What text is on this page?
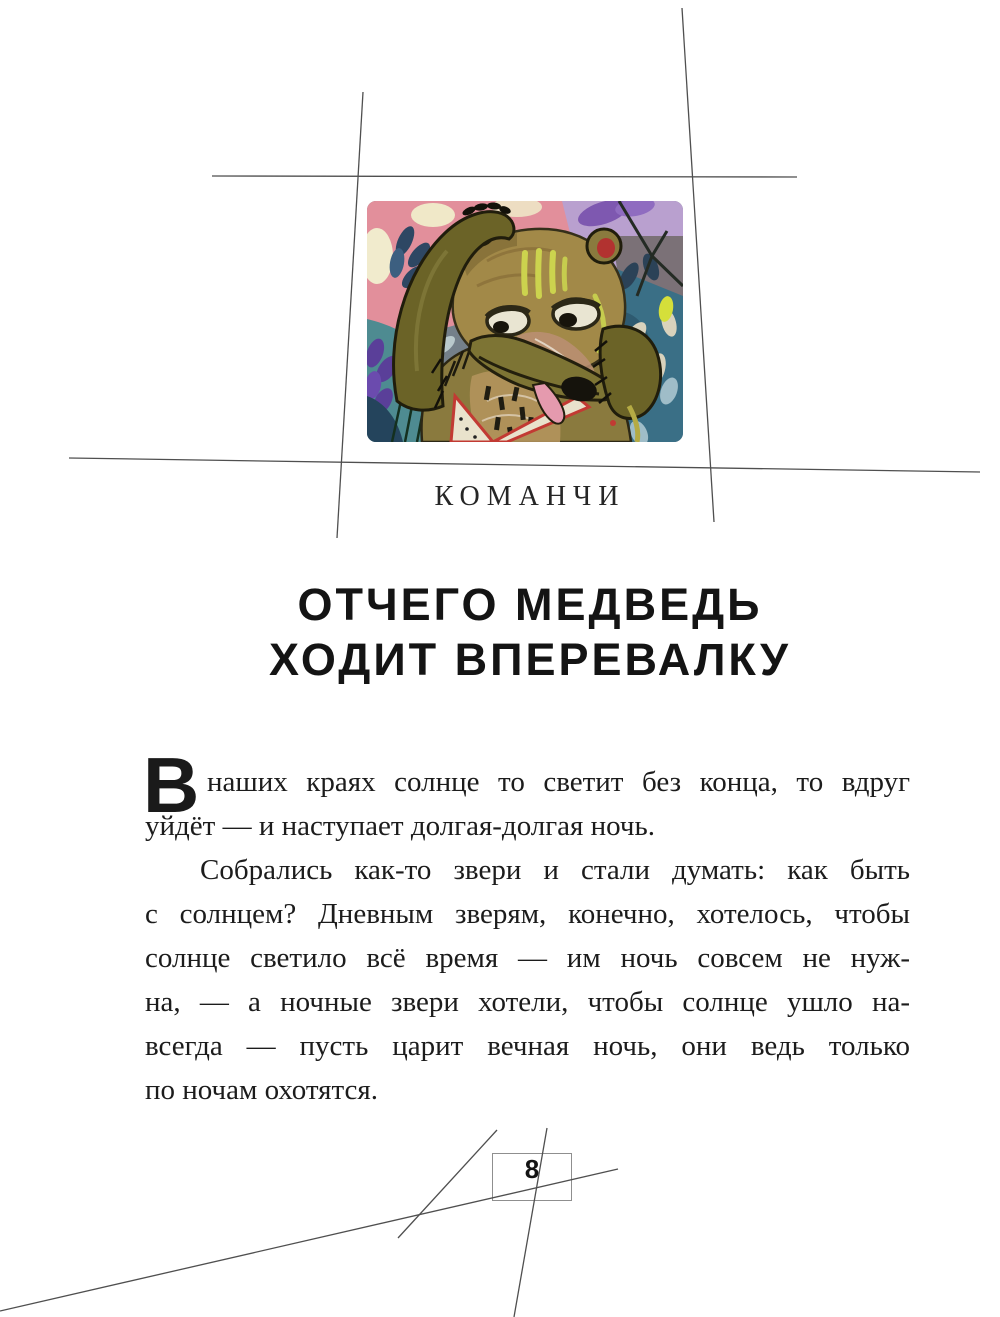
КОМАНЧИ
ОТЧЕГО МЕДВЕДЬ
ХОДИТ ВПЕРЕВАЛКУ
В наших краях солнце то светит без конца, то вдруг
уйдёт — и наступает долгая-долгая ночь.
Собрались как-то звери и стали думать: как быть
с солнцем? Дневным зверям, конечно, хотелось, чтобы
солнце светило всё время — им ночь совсем не нуж-
на, — а ночные звери хотели, чтобы солнце ушло на-
всегда — пусть царит вечная ночь, они ведь только
по ночам охотятся.
8
